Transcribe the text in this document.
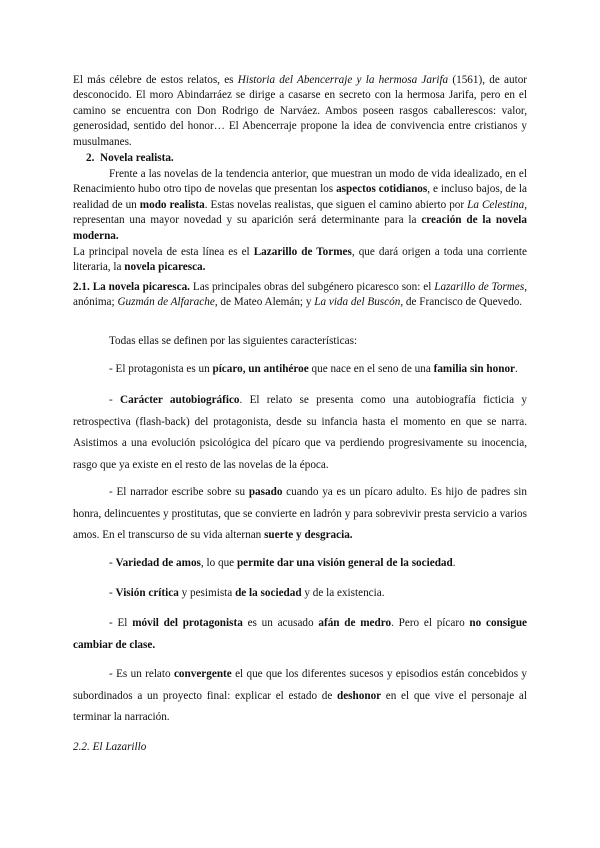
El más célebre de estos relatos, es Historia del Abencerraje y la hermosa Jarifa (1561), de autor desconocido. El moro Abindarráez se dirige a casarse en secreto con la hermosa Jarifa, pero en el camino se encuentra con Don Rodrigo de Narváez. Ambos poseen rasgos caballerescos: valor, generosidad, sentido del honor… El Abencerraje propone la idea de convivencia entre cristianos y musulmanes.

2. Novela realista.

Frente a las novelas de la tendencia anterior, que muestran un modo de vida idealizado, en el Renacimiento hubo otro tipo de novelas que presentan los aspectos cotidianos, e incluso bajos, de la realidad de un modo realista. Estas novelas realistas, que siguen el camino abierto por La Celestina, representan una mayor novedad y su aparición será determinante para la creación de la novela moderna.

La principal novela de esta línea es el Lazarillo de Tormes, que dará origen a toda una corriente literaria, la novela picaresca.

2.1. La novela picaresca. Las principales obras del subgénero picaresco son: el Lazarillo de Tormes, anónima; Guzmán de Alfarache, de Mateo Alemán; y La vida del Buscón, de Francisco de Quevedo.

Todas ellas se definen por las siguientes características:

- El protagonista es un pícaro, un antihéroe que nace en el seno de una familia sin honor.

- Carácter autobiográfico. El relato se presenta como una autobiografía ficticia y retrospectiva (flash-back) del protagonista, desde su infancia hasta el momento en que se narra. Asistimos a una evolución psicológica del pícaro que va perdiendo progresivamente su inocencia, rasgo que ya existe en el resto de las novelas de la época.

- El narrador escribe sobre su pasado cuando ya es un pícaro adulto. Es hijo de padres sin honra, delincuentes y prostitutas, que se convierte en ladrón y para sobrevivir presta servicio a varios amos. En el transcurso de su vida alternan suerte y desgracia.

- Variedad de amos, lo que permite dar una visión general de la sociedad.

- Visión crítica y pesimista de la sociedad y de la existencia.

- El móvil del protagonista es un acusado afán de medro. Pero el pícaro no consigue cambiar de clase.

- Es un relato convergente el que que los diferentes sucesos y episodios están concebidos y subordinados a un proyecto final: explicar el estado de deshonor en el que vive el personaje al terminar la narración.

2.2. El Lazarillo
